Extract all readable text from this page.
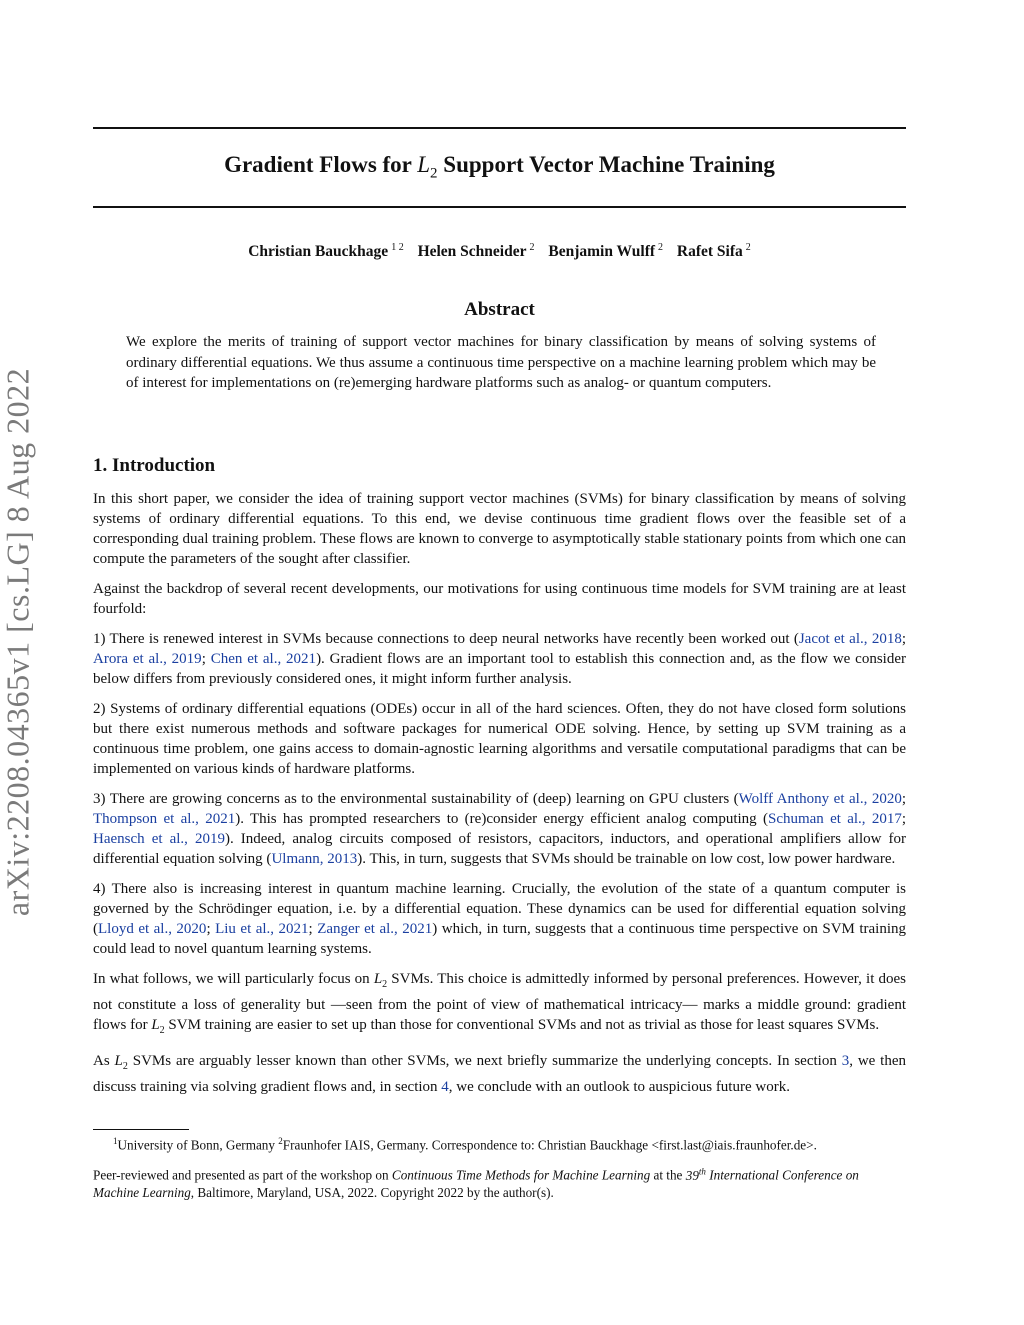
arXiv:2208.04365v1 [cs.LG] 8 Aug 2022
Gradient Flows for $L_2$ Support Vector Machine Training
Christian Bauckhage $^{1 2}$ Helen Schneider $^2$ Benjamin Wulff $^2$ Rafet Sifa $^2$
Abstract
We explore the merits of training of support vector machines for binary classification by means of solving systems of ordinary differential equations. We thus assume a continuous time perspective on a machine learning problem which may be of interest for implementations on (re)emerging hardware platforms such as analog- or quantum computers.
1. Introduction

In this short paper, we consider the idea of training support vector machines (SVMs) for binary classification by means of solving systems of ordinary differential equations. To this end, we devise continuous time gradient flows over the feasible set of a corresponding dual training problem. These flows are known to converge to asymptotically stable stationary points from which one can compute the parameters of the sought after classifier.

Against the backdrop of several recent developments, our motivations for using continuous time models for SVM training are at least fourfold:

1) There is renewed interest in SVMs because connections to deep neural networks have recently been worked out (Jacot et al., 2018; Arora et al., 2019; Chen et al., 2021). Gradient flows are an important tool to establish this connection and, as the flow we consider below differs from previously considered ones, it might inform further analysis.

2) Systems of ordinary differential equations (ODEs) occur in all of the hard sciences. Often, they do not have closed form solutions but there exist numerous methods and software packages for numerical ODE solving. Hence, by setting up SVM training as a continuous time problem, one gains access to domain-agnostic learning algorithms and versatile computational paradigms that can be implemented on various kinds of hardware platforms.

3) There are growing concerns as to the environmental sustainability of (deep) learning on GPU clusters (Wolff Anthony et al., 2020; Thompson et al., 2021). This has prompted researchers to (re)consider energy efficient analog computing (Schuman et al., 2017; Haensch et al., 2019). Indeed, analog circuits composed of resistors, capacitors, inductors, and operational amplifiers allow for differential equation solving (Ulmann, 2013). This, in turn, suggests that SVMs should be trainable on low cost, low power hardware.

4) There also is increasing interest in quantum machine learning. Crucially, the evolution of the state of a quantum computer is governed by the Schrödinger equation, i.e. by a differential equation. These dynamics can be used for differential equation solving (Lloyd et al., 2020; Liu et al., 2021; Zanger et al., 2021) which, in turn, suggests that a continuous time perspective on SVM training could lead to novel quantum learning systems.

In what follows, we will particularly focus on $L_2$ SVMs. This choice is admittedly informed by personal preferences. However, it does not constitute a loss of generality but —seen from the point of view of mathematical intricacy— marks a middle ground: gradient flows for $L_2$ SVM training are easier to set up than those for conventional SVMs and not as trivial as those for least squares SVMs.

As $L_2$ SVMs are arguably lesser known than other SVMs, we next briefly summarize the underlying concepts. In section 3, we then discuss training via solving gradient flows and, in section 4, we conclude with an outlook to auspicious future work.

$^1$University of Bonn, Germany $^2$Fraunhofer IAIS, Germany. Correspondence to: Christian Bauckhage <first.last@iais.fraunhofer.de>.

Peer-reviewed and presented as part of the workshop on Continuous Time Methods for Machine Learning at the 39th International Conference on Machine Learning, Baltimore, Maryland, USA, 2022. Copyright 2022 by the author(s).
